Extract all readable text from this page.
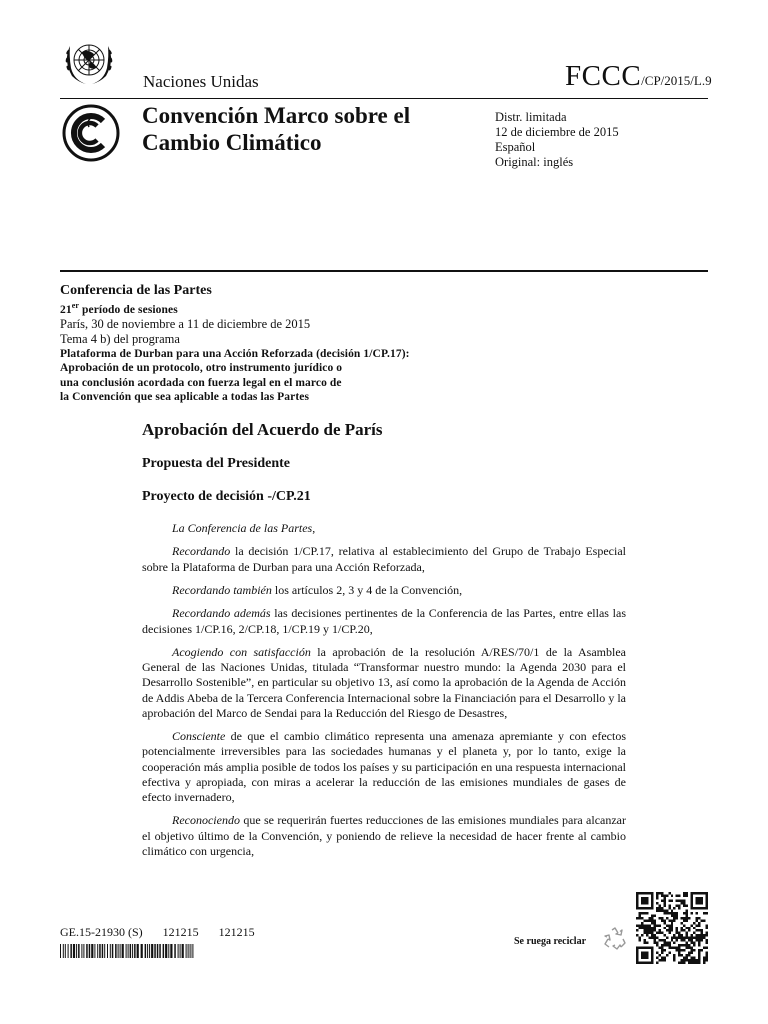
Naciones Unidas	FCCC/CP/2015/L.9
Convención Marco sobre el
Cambio Climático
Distr. limitada
12 de diciembre de 2015
Español
Original: inglés
Conferencia de las Partes
21er período de sesiones
París, 30 de noviembre a 11 de diciembre de 2015
Tema 4 b) del programa
Plataforma de Durban para una Acción Reforzada (decisión 1/CP.17):
Aprobación de un protocolo, otro instrumento jurídico o
una conclusión acordada con fuerza legal en el marco de
la Convención que sea aplicable a todas las Partes
Aprobación del Acuerdo de París
Propuesta del Presidente
Proyecto de decisión -/CP.21

La Conferencia de las Partes,

Recordando la decisión 1/CP.17, relativa al establecimiento del Grupo de Trabajo Especial sobre la Plataforma de Durban para una Acción Reforzada,

Recordando también los artículos 2, 3 y 4 de la Convención,

Recordando además las decisiones pertinentes de la Conferencia de las Partes, entre ellas las decisiones 1/CP.16, 2/CP.18, 1/CP.19 y 1/CP.20,

Acogiendo con satisfacción la aprobación de la resolución A/RES/70/1 de la Asamblea General de las Naciones Unidas, titulada “Transformar nuestro mundo: la Agenda 2030 para el Desarrollo Sostenible”, en particular su objetivo 13, así como la aprobación de la Agenda de Acción de Addis Abeba de la Tercera Conferencia Internacional sobre la Financiación para el Desarrollo y la aprobación del Marco de Sendai para la Reducción del Riesgo de Desastres,

Consciente de que el cambio climático representa una amenaza apremiante y con efectos potencialmente irreversibles para las sociedades humanas y el planeta y, por lo tanto, exige la cooperación más amplia posible de todos los países y su participación en una respuesta internacional efectiva y apropiada, con miras a acelerar la reducción de las emisiones mundiales de gases de efecto invernadero,

Reconociendo que se requerirán fuertes reducciones de las emisiones mundiales para alcanzar el objetivo último de la Convención, y poniendo de relieve la necesidad de hacer frente al cambio climático con urgencia,

GE.15-21930 (S) 121215 121215
Se ruega reciclar
